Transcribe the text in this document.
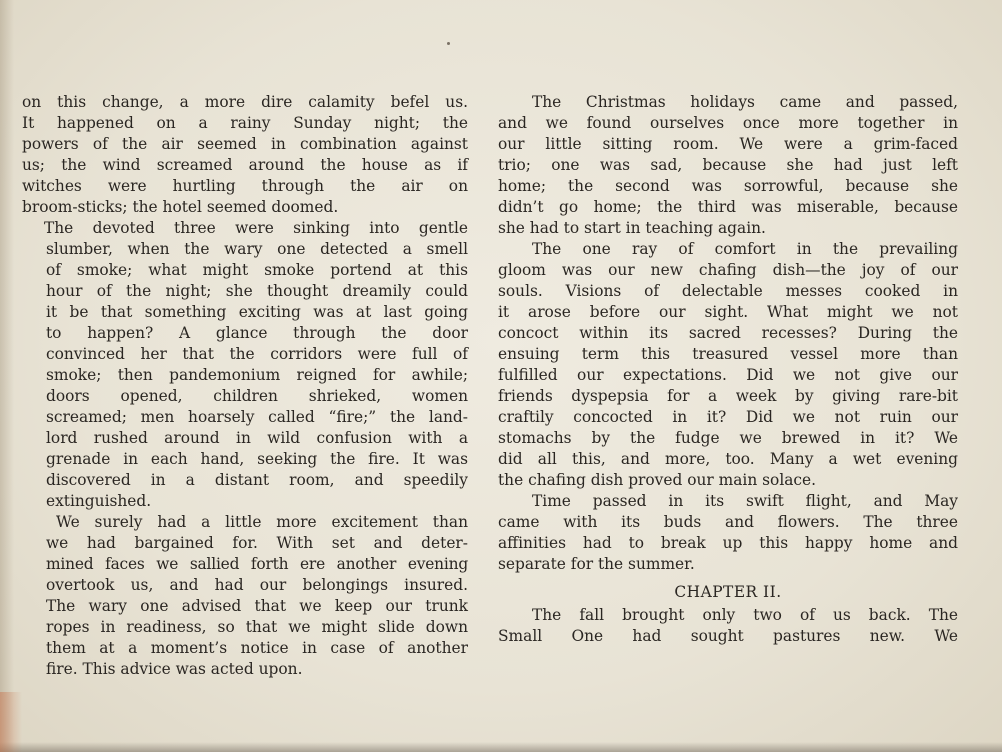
on this change, a more dire calamity befel us.
It happened on a rainy Sunday night; the
powers of the air seemed in combination against
us; the wind screamed around the house as if
witches were hurtling through the air on
broom-sticks; the hotel seemed doomed.
The devoted three were sinking into gentle
slumber, when the wary one detected a smell
of smoke; what might smoke portend at this
hour of the night; she thought dreamily could
it be that something exciting was at last going
to happen? A glance through the door
convinced her that the corridors were full of
smoke; then pandemonium reigned for awhile;
doors opened, children shrieked, women
screamed; men hoarsely called “fire;” the land-
lord rushed around in wild confusion with a
grenade in each hand, seeking the fire. It was
discovered in a distant room, and speedily
extinguished.
We surely had a little more excitement than
we had bargained for. With set and deter-
mined faces we sallied forth ere another evening
overtook us, and had our belongings insured.
The wary one advised that we keep our trunk
ropes in readiness, so that we might slide down
them at a moment’s notice in case of another
fire. This advice was acted upon.
The Christmas holidays came and passed,
and we found ourselves once more together in
our little sitting room. We were a grim-faced
trio; one was sad, because she had just left
home; the second was sorrowful, because she
didn’t go home; the third was miserable, because
she had to start in teaching again.
The one ray of comfort in the prevailing
gloom was our new chafing dish—the joy of our
souls. Visions of delectable messes cooked in
it arose before our sight. What might we not
concoct within its sacred recesses? During the
ensuing term this treasured vessel more than
fulfilled our expectations. Did we not give our
friends dyspepsia for a week by giving rare-bit
craftily concocted in it? Did we not ruin our
stomachs by the fudge we brewed in it? We
did all this, and more, too. Many a wet evening
the chafing dish proved our main solace.
Time passed in its swift flight, and May
came with its buds and flowers. The three
affinities had to break up this happy home and
separate for the summer.
CHAPTER II.
The fall brought only two of us back. The
Small One had sought pastures new. We
